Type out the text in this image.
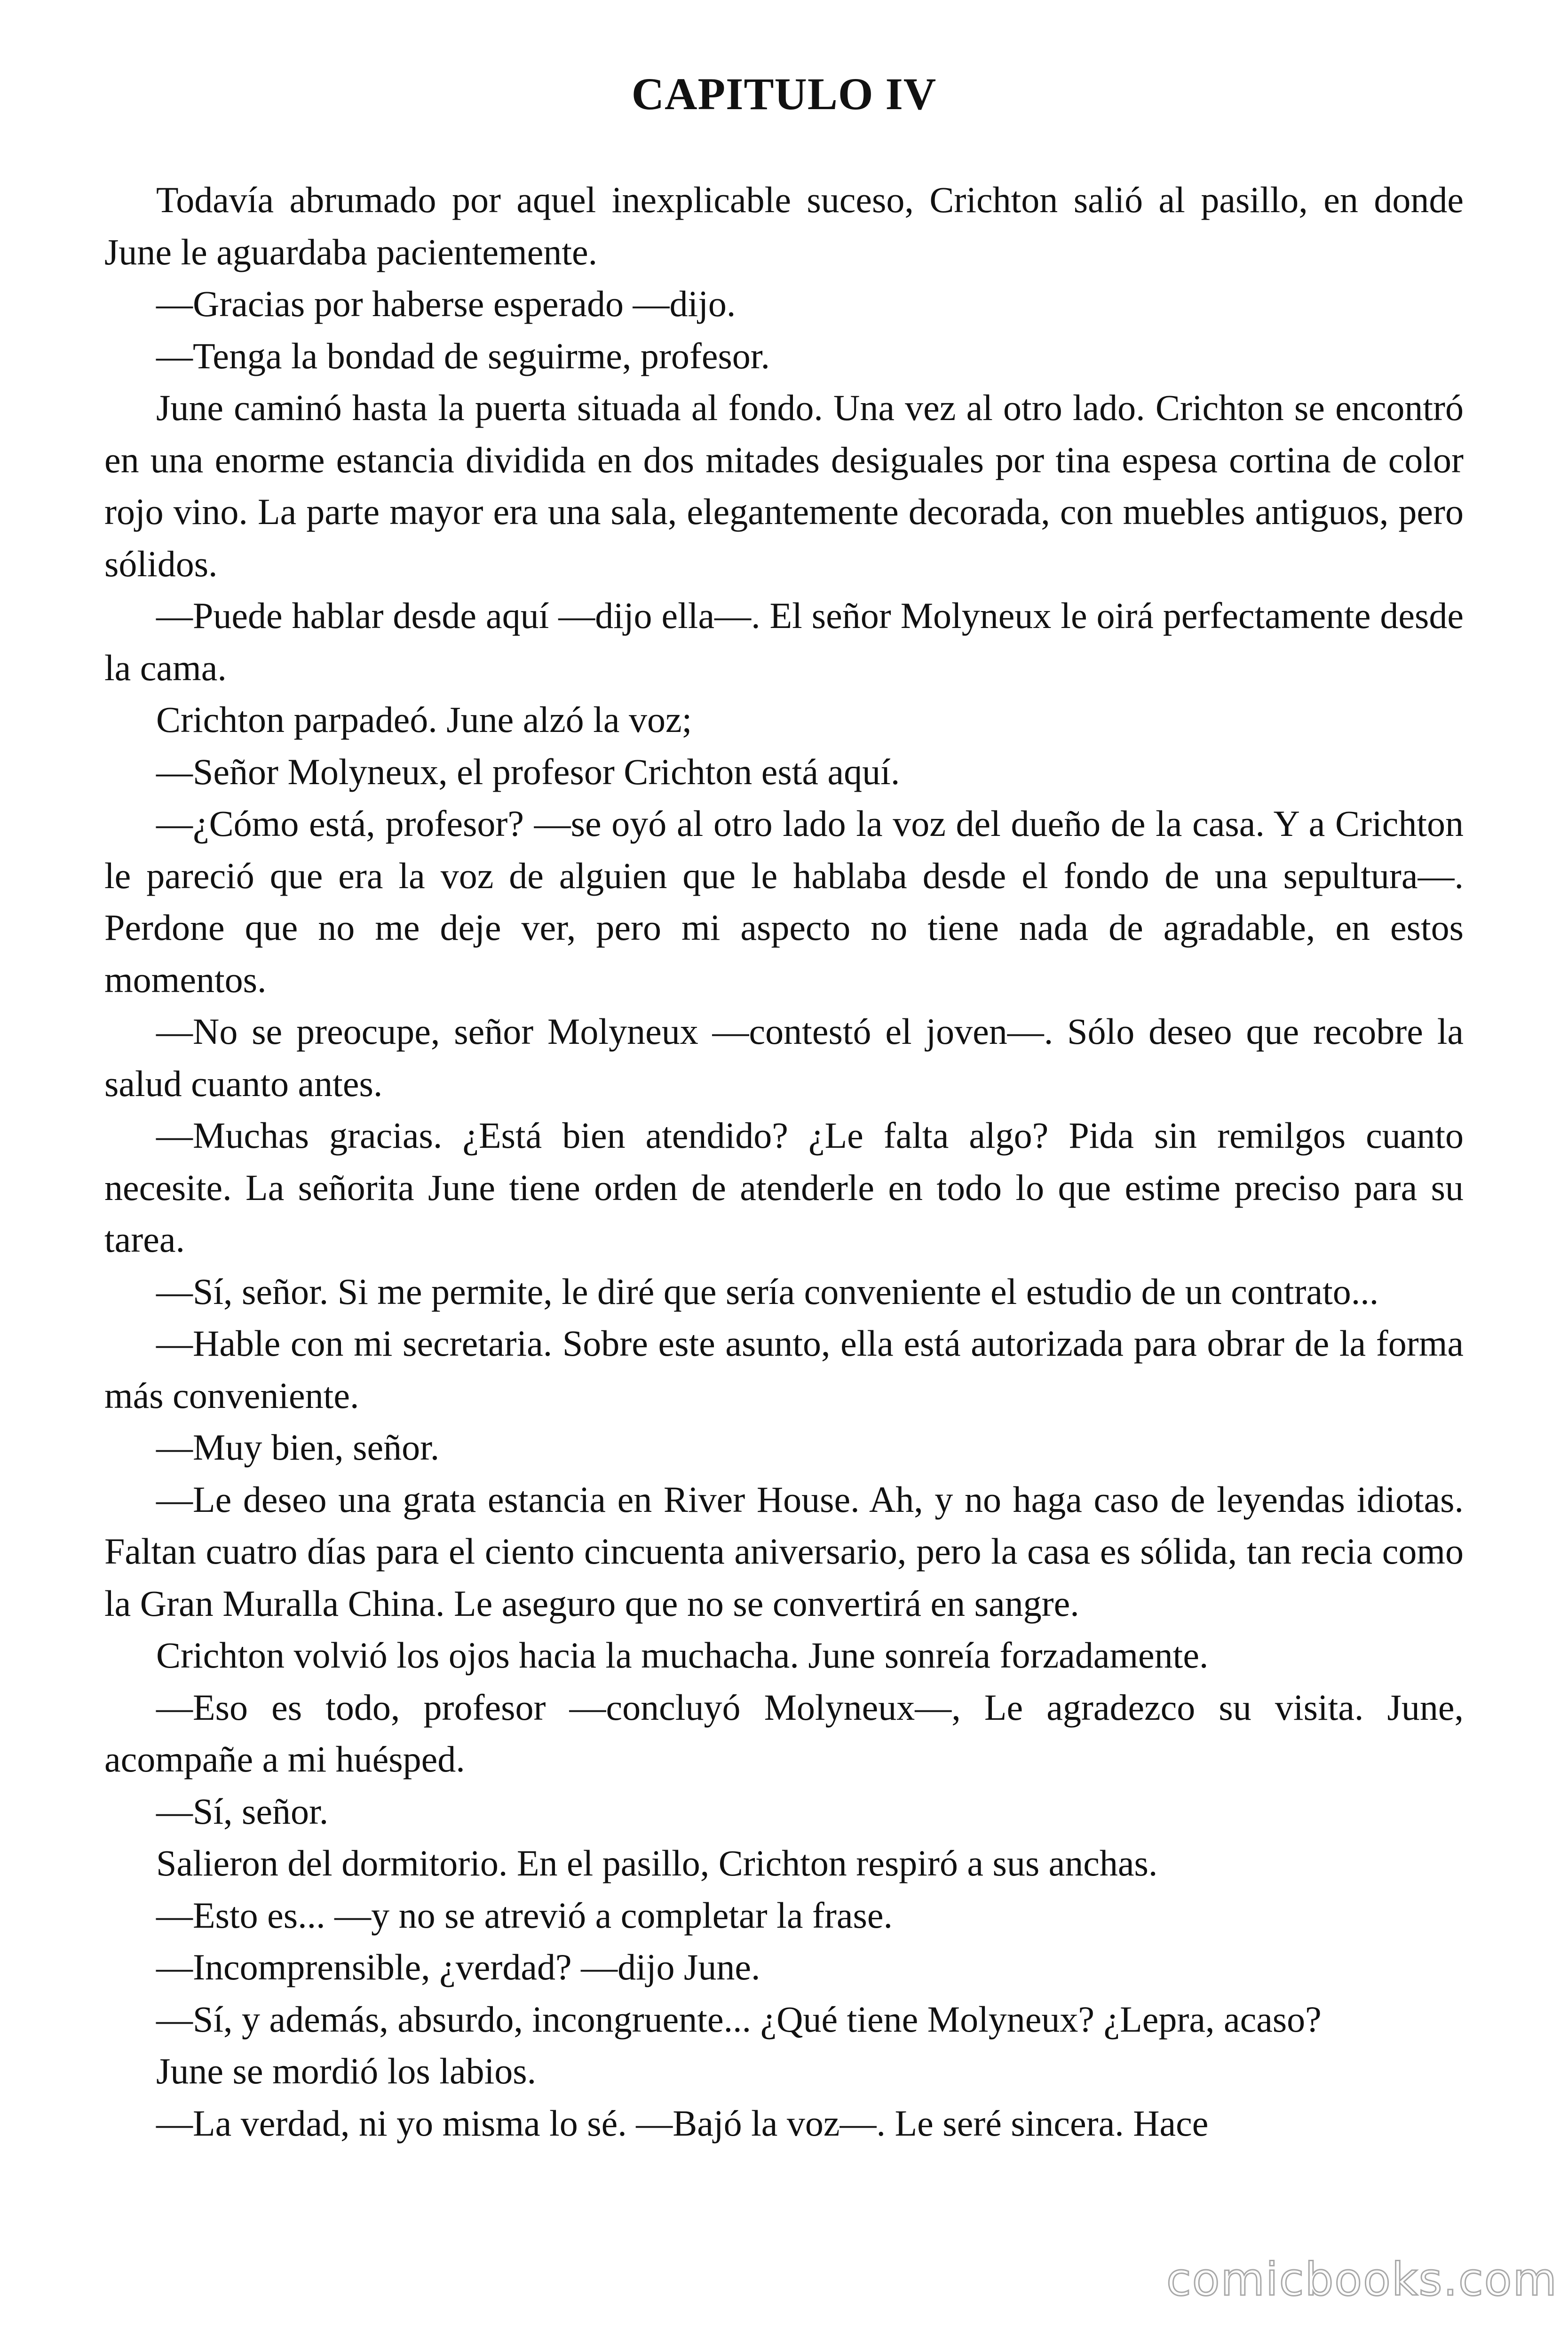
CAPITULO IV

Todavía abrumado por aquel inexplicable suceso, Crichton salió al pasillo, en donde June le aguardaba pacientemente.

—Gracias por haberse esperado —dijo.

—Tenga la bondad de seguirme, profesor.

June caminó hasta la puerta situada al fondo. Una vez al otro lado. Crichton se encontró en una enorme estancia dividida en dos mitades desiguales por tina espesa cortina de color rojo vino. La parte mayor era una sala, elegantemente decorada, con muebles antiguos, pero sólidos.

—Puede hablar desde aquí —dijo ella—. El señor Molyneux le oirá perfectamente desde la cama.

Crichton parpadeó. June alzó la voz;

—Señor Molyneux, el profesor Crichton está aquí.

—¿Cómo está, profesor? —se oyó al otro lado la voz del dueño de la casa. Y a Crichton le pareció que era la voz de alguien que le hablaba desde el fondo de una sepultura—. Perdone que no me deje ver, pero mi aspecto no tiene nada de agradable, en estos momentos.

—No se preocupe, señor Molyneux —contestó el joven—. Sólo deseo que recobre la salud cuanto antes.

—Muchas gracias. ¿Está bien atendido? ¿Le falta algo? Pida sin remilgos cuanto necesite. La señorita June tiene orden de atenderle en todo lo que estime preciso para su tarea.

—Sí, señor. Si me permite, le diré que sería conveniente el estudio de un contrato...

—Hable con mi secretaria. Sobre este asunto, ella está autorizada para obrar de la forma más conveniente.

—Muy bien, señor.

—Le deseo una grata estancia en River House. Ah, y no haga caso de leyendas idiotas. Faltan cuatro días para el ciento cincuenta aniversario, pero la casa es sólida, tan recia como la Gran Muralla China. Le aseguro que no se convertirá en sangre.

Crichton volvió los ojos hacia la muchacha. June sonreía forzadamente.

—Eso es todo, profesor —concluyó Molyneux—, Le agradezco su visita. June, acompañe a mi huésped.

—Sí, señor.

Salieron del dormitorio. En el pasillo, Crichton respiró a sus anchas.

—Esto es... —y no se atrevió a completar la frase.

—Incomprensible, ¿verdad? —dijo June.

—Sí, y además, absurdo, incongruente... ¿Qué tiene Molyneux? ¿Lepra, acaso?

June se mordió los labios.

—La verdad, ni yo misma lo sé. —Bajó la voz—. Le seré sincera. Hace

comicbooks.com
